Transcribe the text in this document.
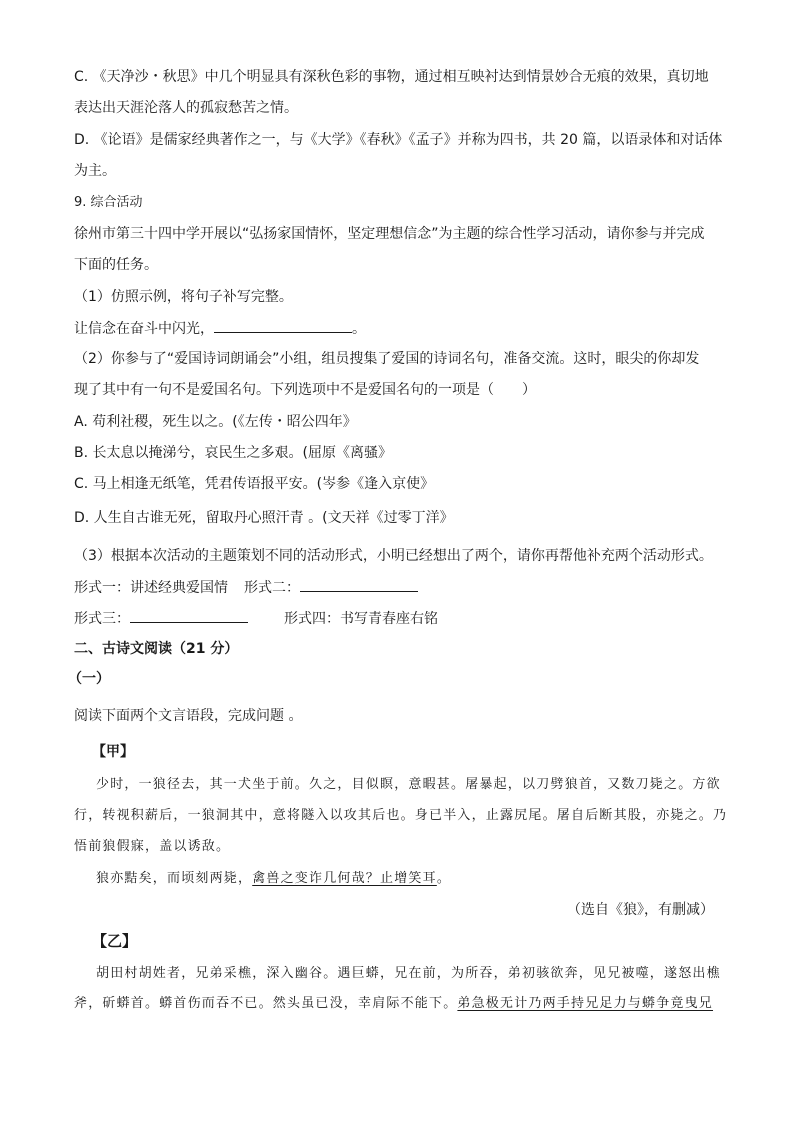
C. 《天净沙・秋思》中几个明显具有深秋色彩的事物，通过相互映衬达到情景妙合无痕的效果，真切地
表达出天涯沦落人的孤寂愁苦之情。
D. 《论语》是儒家经典著作之一，与《大学》《春秋》《孟子》并称为四书，共 20 篇，以语录体和对话体
为主。
9. 综合活动
徐州市第三十四中学开展以“弘扬家国情怀，坚定理想信念”为主题的综合性学习活动，请你参与并完成
下面的任务。
（1）仿照示例，将句子补写完整。
让信念在奋斗中闪光，	。
（2）你参与了“爱国诗词朗诵会”小组，组员搜集了爱国的诗词名句，准备交流。这时，眼尖的你却发
现了其中有一句不是爱国名句。下列选项中不是爱国名句的一项是（　　）
A. 苟利社稷，死生以之。(《左传・昭公四年》
B. 长太息以掩涕兮，哀民生之多艰。(屈原《离骚》
C. 马上相逢无纸笔，凭君传语报平安。(岑参《逢入京使》
D. 人生自古谁无死，留取丹心照汗青 。(文天祥《过零丁洋》
（3）根据本次活动的主题策划不同的活动形式，小明已经想出了两个，请你再帮他补充两个活动形式。
形式一：讲述经典爱国情 形式二：
形式三：	形式四：书写青春座右铭
二、古诗文阅读（21 分）
（一）
阅读下面两个文言语段，完成问题 。
【甲】
少时，一狼径去，其一犬坐于前。久之，目似瞑，意暇甚。屠暴起，以刀劈狼首，又数刀毙之。方欲
行，转视积薪后，一狼洞其中，意将隧入以攻其后也。身已半入，止露尻尾。屠自后断其股，亦毙之。乃
悟前狼假寐，盖以诱敌。
狼亦黠矣，而顷刻两毙，禽兽之变诈几何哉？止增笑耳。
（选自《狼》，有删减）
【乙】
胡田村胡姓者，兄弟采樵，深入幽谷。遇巨蟒，兄在前，为所吞，弟初骇欲奔，见兄被噬，遂怒出樵
斧，斫蟒首。蟒首伤而吞不已。然头虽已没，幸肩际不能下。弟急极无计乃两手持兄足力与蟒争竟曳兄
